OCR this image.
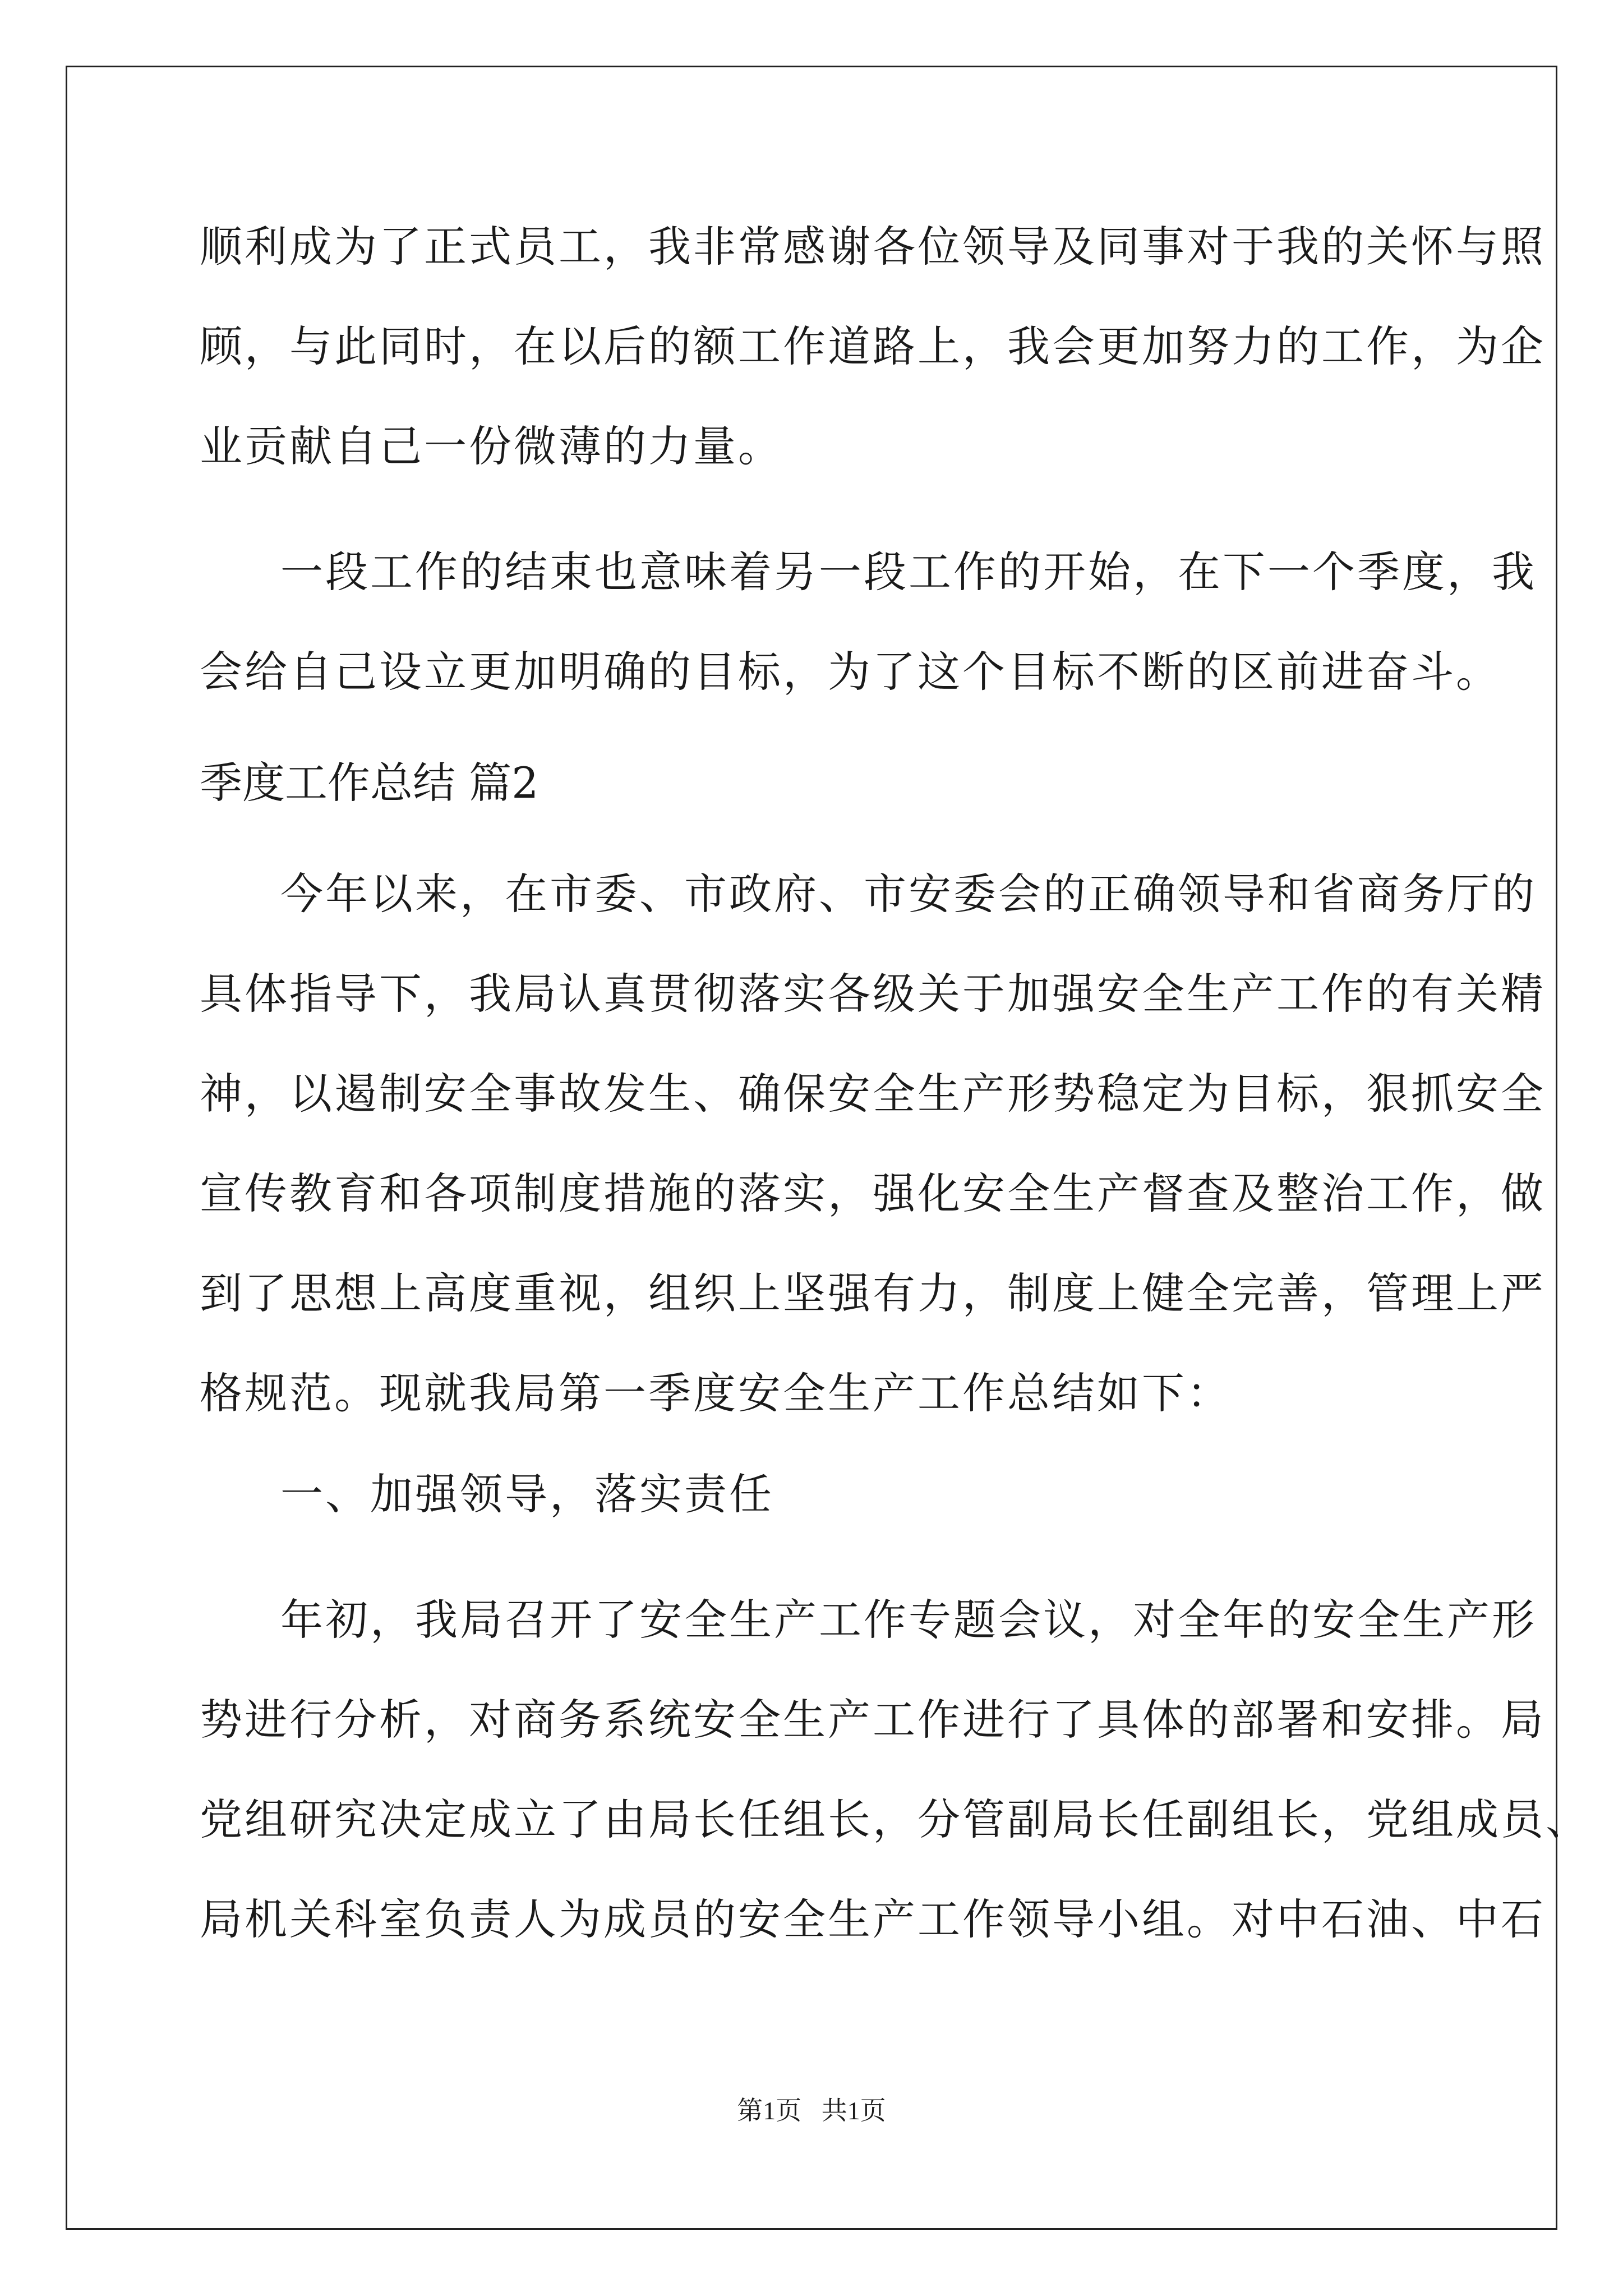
顺利成为了正式员工，我非常感谢各位领导及同事对于我的关怀与照
顾，与此同时，在以后的额工作道路上，我会更加努力的工作，为企
业贡献自己一份微薄的力量。
一段工作的结束也意味着另一段工作的开始，在下一个季度，我
会给自己设立更加明确的目标，为了这个目标不断的区前进奋斗。
季度工作总结 篇2
今年以来，在市委、市政府、市安委会的正确领导和省商务厅的
具体指导下，我局认真贯彻落实各级关于加强安全生产工作的有关精
神，以遏制安全事故发生、确保安全生产形势稳定为目标，狠抓安全
宣传教育和各项制度措施的落实，强化安全生产督查及整治工作，做
到了思想上高度重视，组织上坚强有力，制度上健全完善，管理上严
格规范。现就我局第一季度安全生产工作总结如下：
一、加强领导，落实责任
年初，我局召开了安全生产工作专题会议，对全年的安全生产形
势进行分析，对商务系统安全生产工作进行了具体的部署和安排。局
党组研究决定成立了由局长任组长，分管副局长任副组长，党组成员、
局机关科室负责人为成员的安全生产工作领导小组。对中石油、中石
第1页 共1页
